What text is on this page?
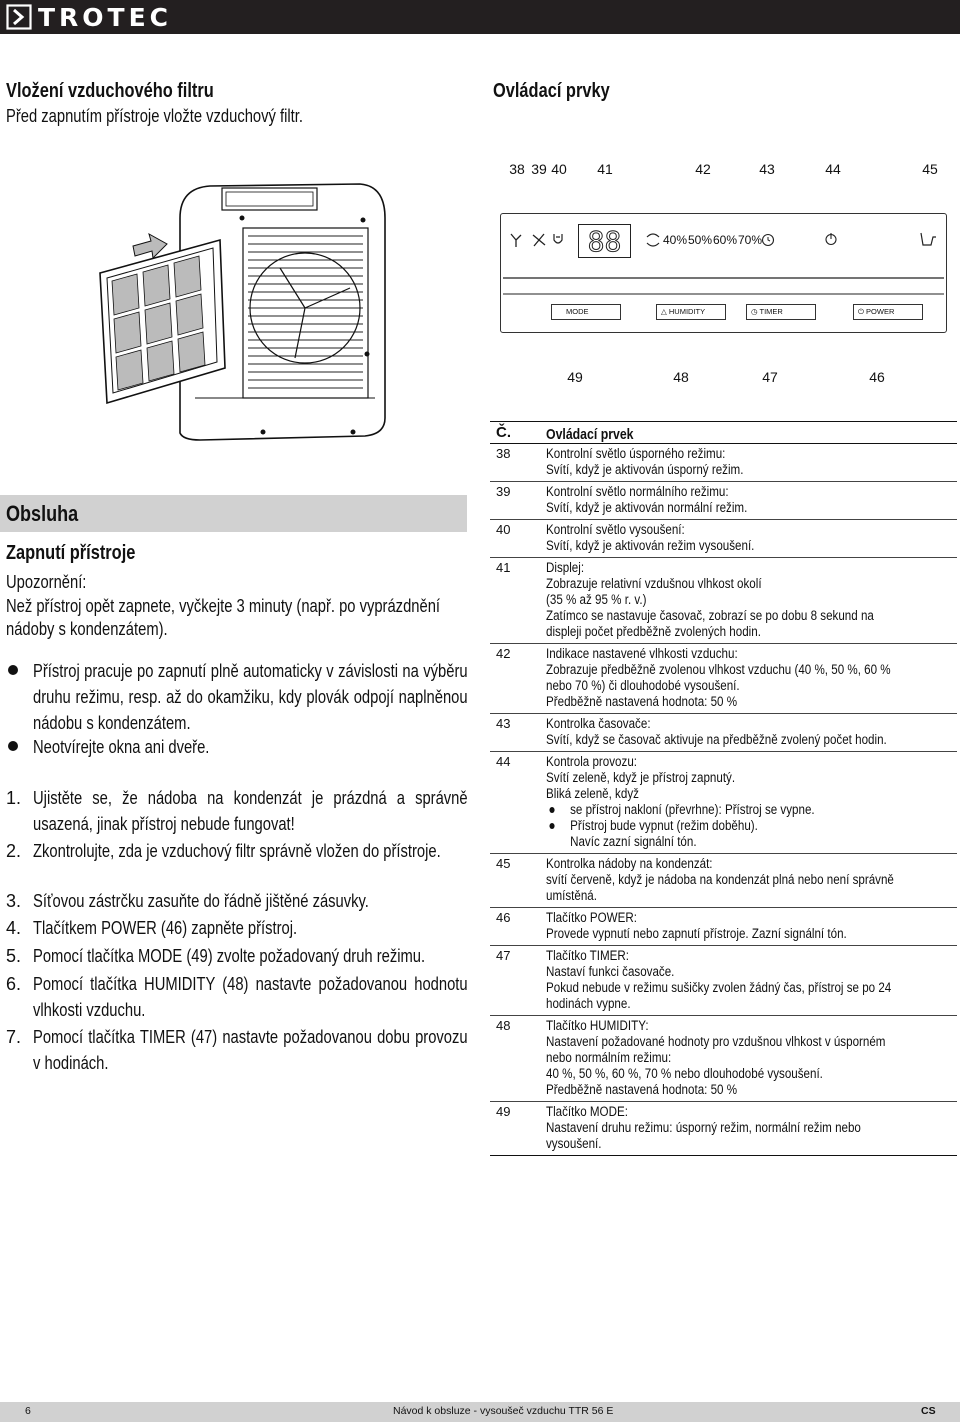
TROTEC
Vložení vzduchového filtru
Před zapnutím přístroje vložte vzduchový filtr.
Ovládací prvky
38 39 40 41	42	43	44	45
88	40% 50% 60% 70%
MODE	△ HUMIDITY	◷ TIMER	⏻ POWER
49	48	47	46
Obsluha
Zapnutí přístroje
Upozornění:
Než přístroj opět zapnete, vyčkejte 3 minuty (např. po vyprázdnění
nádoby s kondenzátem).
Přístroj pracuje po zapnutí plně automaticky v závislosti na výběru druhu režimu, resp. až do okamžiku, kdy plovák odpojí naplněnou nádobu s kondenzátem.
Neotvírejte okna ani dveře.
1. Ujistěte se, že nádoba na kondenzát je prázdná a správně usazená, jinak přístroj nebude fungovat!
2. Zkontrolujte, zda je vzduchový filtr správně vložen do přístroje.
3. Síťovou zástrčku zasuňte do řádně jištěné zásuvky.
4. Tlačítkem POWER (46) zapněte přístroj.
5. Pomocí tlačítka MODE (49) zvolte požadovaný druh režimu.
6. Pomocí tlačítka HUMIDITY (48) nastavte požadovanou hodnotu vlhkosti vzduchu.
7. Pomocí tlačítka TIMER (47) nastavte požadovanou dobu provozu v hodinách.
Č. Ovládací prvek
38	Kontrolní světlo úsporného režimu:
Svítí, když je aktivován úsporný režim.
39	Kontrolní světlo normálního režimu:
Svítí, když je aktivován normální režim.
40	Kontrolní světlo vysoušení:
Svítí, když je aktivován režim vysoušení.
41	Displej:
Zobrazuje relativní vzdušnou vlhkost okolí
(35 % až 95 % r. v.)
Zatímco se nastavuje časovač, zobrazí se po dobu 8 sekund na
displeji počet předběžně zvolených hodin.
42	Indikace nastavené vlhkosti vzduchu:
Zobrazuje předběžně zvolenou vlhkost vzduchu (40 %, 50 %, 60 %
nebo 70 %) či dlouhodobé vysoušení.
Předběžně nastavená hodnota: 50 %
43	Kontrolka časovače:
Svítí, když se časovač aktivuje na předběžně zvolený počet hodin.
44	Kontrola provozu:
Svítí zeleně, když je přístroj zapnutý.
Bliká zeleně, když
se přístroj nakloní (převrhne): Přístroj se vypne.
Přístroj bude vypnut (režim doběhu).
Navíc zazní signální tón.
45	Kontrolka nádoby na kondenzát:
svítí červeně, když je nádoba na kondenzát plná nebo není správně
umístěná.
46	Tlačítko POWER:
Provede vypnutí nebo zapnutí přístroje. Zazní signální tón.
47	Tlačítko TIMER:
Nastaví funkci časovače.
Pokud nebude v režimu sušičky zvolen žádný čas, přístroj se po 24
hodinách vypne.
48	Tlačítko HUMIDITY:
Nastavení požadované hodnoty pro vzdušnou vlhkost v úsporném
nebo normálním režimu:
40 %, 50 %, 60 %, 70 % nebo dlouhodobé vysoušení.
Předběžně nastavená hodnota: 50 %
49	Tlačítko MODE:
Nastavení druhu režimu: úsporný režim, normální režim nebo
vysoušení.
6	Návod k obsluze - vysoušeč vzduchu TTR 56 E	CS
